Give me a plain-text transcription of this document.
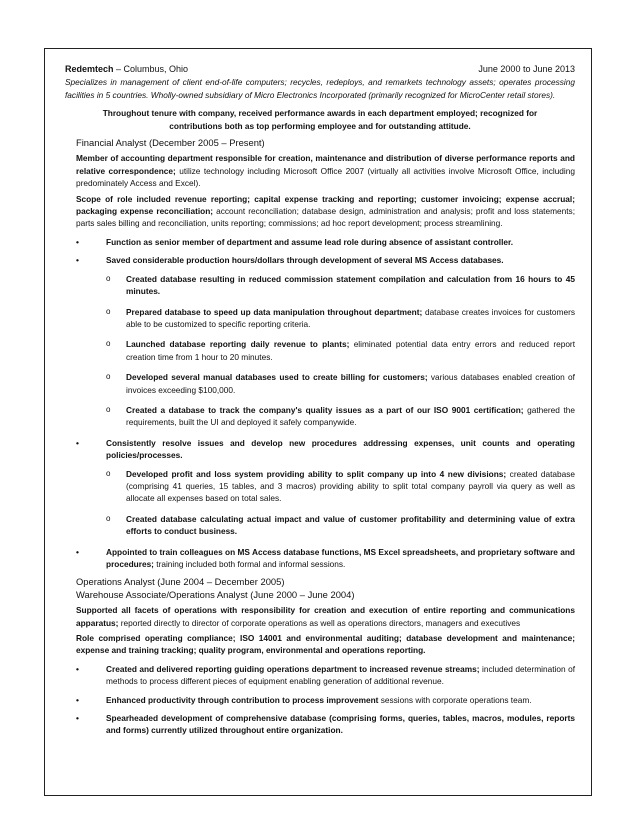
Redemtech – Columbus, Ohio	June 2000 to June 2013
Specializes in management of client end-of-life computers; recycles, redeploys, and remarkets technology assets; operates processing facilities in 5 countries. Wholly-owned subsidiary of Micro Electronics Incorporated (primarily recognized for MicroCenter retail stores).
Throughout tenure with company, received performance awards in each department employed; recognized for contributions both as top performing employee and for outstanding attitude.
Financial Analyst (December 2005 – Present)
Member of accounting department responsible for creation, maintenance and distribution of diverse performance reports and relative correspondence; utilize technology including Microsoft Office 2007 (virtually all activities involve Microsoft Office, including predominately Access and Excel).
Scope of role included revenue reporting; capital expense tracking and reporting; customer invoicing; expense accrual; packaging expense reconciliation; account reconciliation; database design, administration and analysis; profit and loss statements; parts sales billing and reconciliation, units reporting; commissions; ad hoc report development; process streamlining.
•	Function as senior member of department and assume lead role during absence of assistant controller.
•	Saved considerable production hours/dollars through development of several MS Access databases.
o Created database resulting in reduced commission statement compilation and calculation from 16 hours to 45 minutes.
o Prepared database to speed up data manipulation throughout department; database creates invoices for customers able to be customized to specific reporting criteria.
o Launched database reporting daily revenue to plants; eliminated potential data entry errors and reduced report creation time from 1 hour to 20 minutes.
o Developed several manual databases used to create billing for customers; various databases enabled creation of invoices exceeding $100,000.
o Created a database to track the company's quality issues as a part of our ISO 9001 certification; gathered the requirements, built the UI and deployed it safely companywide.
•	Consistently resolve issues and develop new procedures addressing expenses, unit counts and operating policies/processes.
o Developed profit and loss system providing ability to split company up into 4 new divisions; created database (comprising 41 queries, 15 tables, and 3 macros) providing ability to split total company payroll via query as well as allocate all expenses based on total sales.
o Created database calculating actual impact and value of customer profitability and determining value of extra efforts to conduct business.
•	Appointed to train colleagues on MS Access database functions, MS Excel spreadsheets, and proprietary software and procedures; training included both formal and informal sessions.
Operations Analyst (June 2004 – December 2005)
Warehouse Associate/Operations Analyst (June 2000 – June 2004)
Supported all facets of operations with responsibility for creation and execution of entire reporting and communications apparatus; reported directly to director of corporate operations as well as operations directors, managers and executives
Role comprised operating compliance; ISO 14001 and environmental auditing; database development and maintenance; expense and training tracking; quality program, environmental and operations reporting.
•	Created and delivered reporting guiding operations department to increased revenue streams; included determination of methods to process different pieces of equipment enabling generation of additional revenue.
•	Enhanced productivity through contribution to process improvement sessions with corporate operations team.
•	Spearheaded development of comprehensive database (comprising forms, queries, tables, macros, modules, reports and forms) currently utilized throughout entire organization.
